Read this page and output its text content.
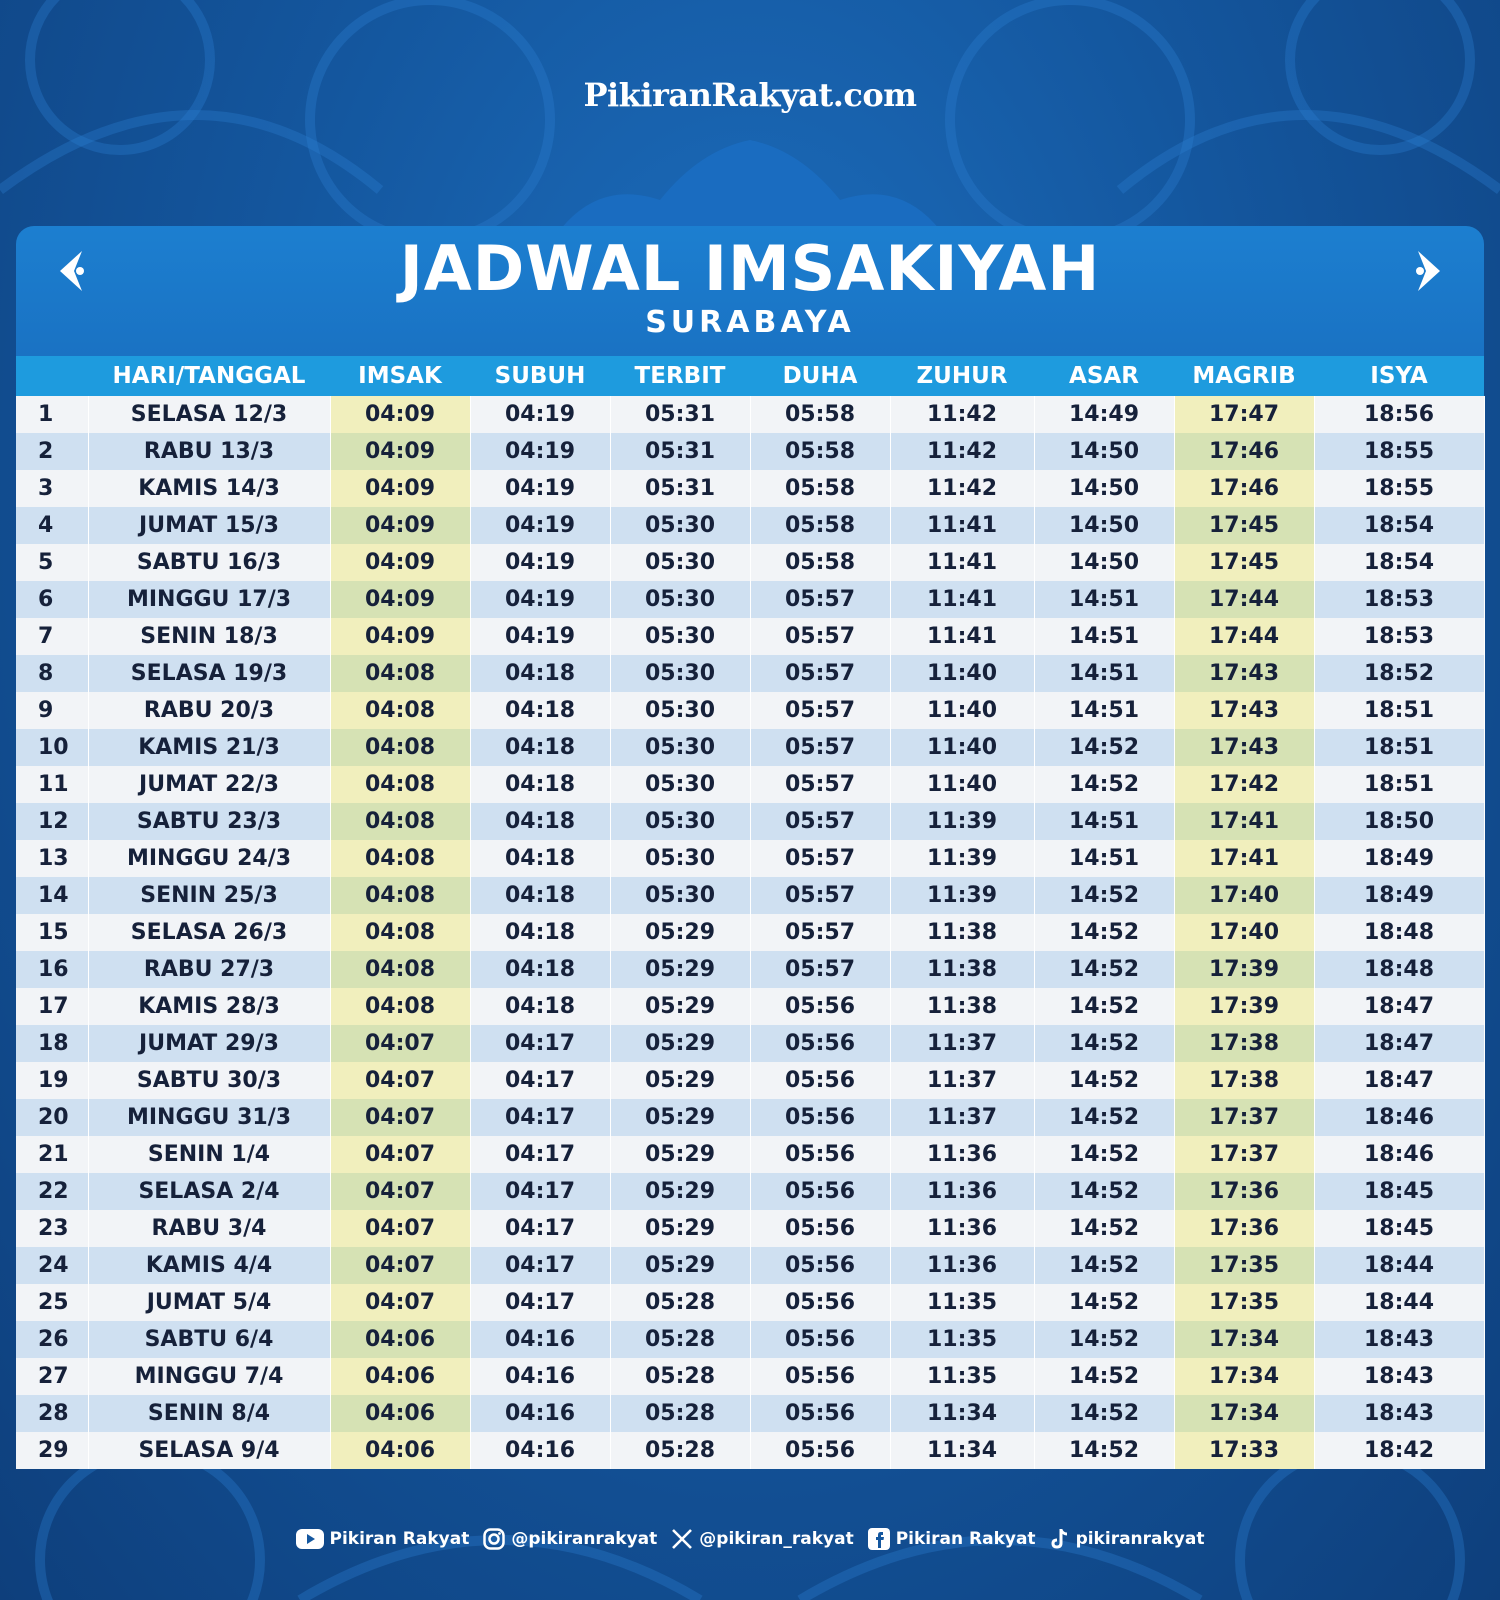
PikiranRakyat.com
JADWAL IMSAKIYAH
SURABAYA
	HARI/TANGGAL	IMSAK	SUBUH	TERBIT	DUHA	ZUHUR	ASAR	MAGRIB	ISYA
1	SELASA 12/3	04:09	04:19	05:31	05:58	11:42	14:49	17:47	18:56
2	RABU 13/3	04:09	04:19	05:31	05:58	11:42	14:50	17:46	18:55
3	KAMIS 14/3	04:09	04:19	05:31	05:58	11:42	14:50	17:46	18:55
4	JUMAT 15/3	04:09	04:19	05:30	05:58	11:41	14:50	17:45	18:54
5	SABTU 16/3	04:09	04:19	05:30	05:58	11:41	14:50	17:45	18:54
6	MINGGU 17/3	04:09	04:19	05:30	05:57	11:41	14:51	17:44	18:53
7	SENIN 18/3	04:09	04:19	05:30	05:57	11:41	14:51	17:44	18:53
8	SELASA 19/3	04:08	04:18	05:30	05:57	11:40	14:51	17:43	18:52
9	RABU 20/3	04:08	04:18	05:30	05:57	11:40	14:51	17:43	18:51
10	KAMIS 21/3	04:08	04:18	05:30	05:57	11:40	14:52	17:43	18:51
11	JUMAT 22/3	04:08	04:18	05:30	05:57	11:40	14:52	17:42	18:51
12	SABTU 23/3	04:08	04:18	05:30	05:57	11:39	14:51	17:41	18:50
13	MINGGU 24/3	04:08	04:18	05:30	05:57	11:39	14:51	17:41	18:49
14	SENIN 25/3	04:08	04:18	05:30	05:57	11:39	14:52	17:40	18:49
15	SELASA 26/3	04:08	04:18	05:29	05:57	11:38	14:52	17:40	18:48
16	RABU 27/3	04:08	04:18	05:29	05:57	11:38	14:52	17:39	18:48
17	KAMIS 28/3	04:08	04:18	05:29	05:56	11:38	14:52	17:39	18:47
18	JUMAT 29/3	04:07	04:17	05:29	05:56	11:37	14:52	17:38	18:47
19	SABTU 30/3	04:07	04:17	05:29	05:56	11:37	14:52	17:38	18:47
20	MINGGU 31/3	04:07	04:17	05:29	05:56	11:37	14:52	17:37	18:46
21	SENIN 1/4	04:07	04:17	05:29	05:56	11:36	14:52	17:37	18:46
22	SELASA 2/4	04:07	04:17	05:29	05:56	11:36	14:52	17:36	18:45
23	RABU 3/4	04:07	04:17	05:29	05:56	11:36	14:52	17:36	18:45
24	KAMIS 4/4	04:07	04:17	05:29	05:56	11:36	14:52	17:35	18:44
25	JUMAT 5/4	04:07	04:17	05:28	05:56	11:35	14:52	17:35	18:44
26	SABTU 6/4	04:06	04:16	05:28	05:56	11:35	14:52	17:34	18:43
27	MINGGU 7/4	04:06	04:16	05:28	05:56	11:35	14:52	17:34	18:43
28	SENIN 8/4	04:06	04:16	05:28	05:56	11:34	14:52	17:34	18:43
29	SELASA 9/4	04:06	04:16	05:28	05:56	11:34	14:52	17:33	18:42
Pikiran Rakyat @pikiranrakyat @pikiran_rakyat Pikiran Rakyat pikiranrakyat
